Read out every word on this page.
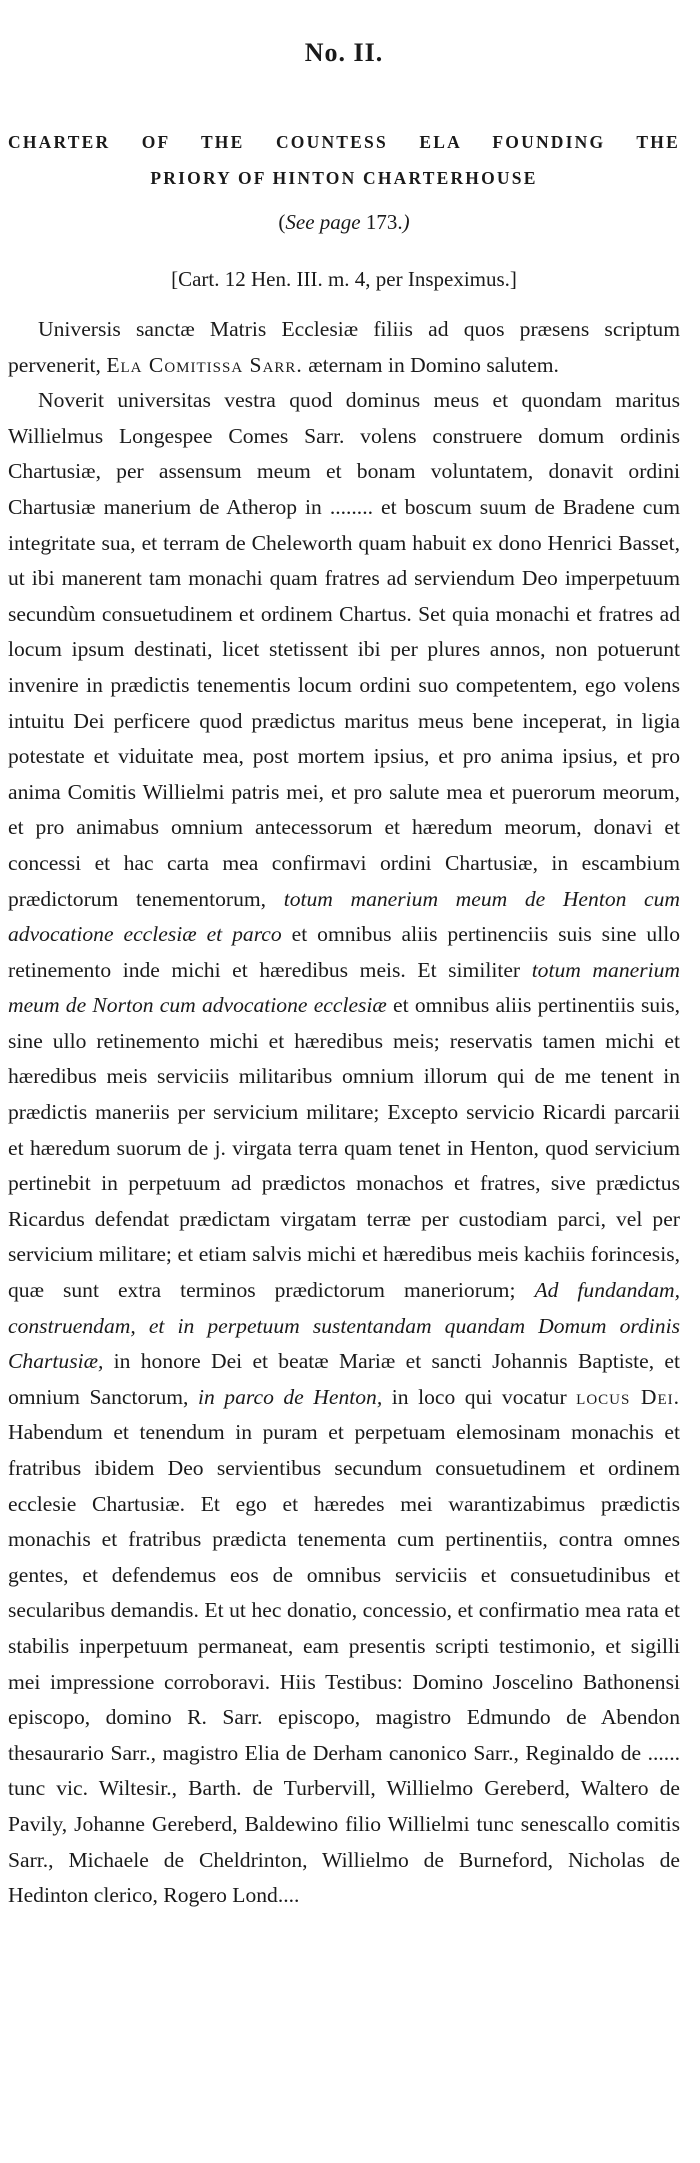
No. II.
CHARTER OF THE COUNTESS ELA FOUNDING THE
PRIORY OF HINTON CHARTERHOUSE
(See page 173.)
[Cart. 12 Hen. III. m. 4, per Inspeximus.]

Universis sanctæ Matris Ecclesiæ filiis ad quos præsens scriptum pervenerit, Ela Comitissa Sarr. æternam in Domino salutem.

Noverit universitas vestra quod dominus meus et quondam maritus Willielmus Longespee Comes Sarr. volens construere domum ordinis Chartusiæ, per assensum meum et bonam voluntatem, donavit ordini Chartusiæ manerium de Atherop in ........ et boscum suum de Bradene cum integritate sua, et terram de Cheleworth quam habuit ex dono Henrici Basset, ut ibi manerent tam monachi quam fratres ad serviendum Deo imperpetuum secundùm consuetudinem et ordinem Chartus. Set quia monachi et fratres ad locum ipsum destinati, licet stetissent ibi per plures annos, non potuerunt invenire in prædictis tenementis locum ordini suo competentem, ego volens intuitu Dei perficere quod prædictus maritus meus bene inceperat, in ligia potestate et viduitate mea, post mortem ipsius, et pro anima ipsius, et pro anima Comitis Willielmi patris mei, et pro salute mea et puerorum meorum, et pro animabus omnium antecessorum et hæredum meorum, donavi et concessi et hac carta mea confirmavi ordini Chartusiæ, in escambium prædictorum tenementorum, totum manerium meum de Henton cum advocatione ecclesiæ et parco et omnibus aliis pertinenciis suis sine ullo retinemento inde michi et hæredibus meis. Et similiter totum manerium meum de Norton cum advocatione ecclesiæ et omnibus aliis pertinentiis suis, sine ullo retinemento michi et hæredibus meis; reservatis tamen michi et hæredibus meis serviciis militaribus omnium illorum qui de me tenent in prædictis maneriis per servicium militare; Excepto servicio Ricardi parcarii et hæredum suorum de j. virgata terra quam tenet in Henton, quod servicium pertinebit in perpetuum ad prædictos monachos et fratres, sive prædictus Ricardus defendat prædictam virgatam terræ per custodiam parci, vel per servicium militare; et etiam salvis michi et hæredibus meis kachiis forincesis, quæ sunt extra terminos prædictorum maneriorum; Ad fundandam, construendam, et in perpetuum sustentandam quandam Domum ordinis Chartusiæ, in honore Dei et beatæ Mariæ et sancti Johannis Baptiste, et omnium Sanctorum, in parco de Henton, in loco qui vocatur locus Dei. Habendum et tenendum in puram et perpetuam elemosinam monachis et fratribus ibidem Deo servientibus secundum consuetudinem et ordinem ecclesie Chartusiæ. Et ego et hæredes mei warantizabimus prædictis monachis et fratribus prædicta tenementa cum pertinentiis, contra omnes gentes, et defendemus eos de omnibus serviciis et consuetudinibus et secularibus demandis. Et ut hec donatio, concessio, et confirmatio mea rata et stabilis inperpetuum permaneat, eam presentis scripti testimonio, et sigilli mei impressione corroboravi. Hiis Testibus: Domino Joscelino Bathonensi episcopo, domino R. Sarr. episcopo, magistro Edmundo de Abendon thesaurario Sarr., magistro Elia de Derham canonico Sarr., Reginaldo de ...... tunc vic. Wiltesir., Barth. de Turbervill, Willielmo Gereberd, Waltero de Pavily, Johanne Gereberd, Baldewino filio Willielmi tunc senescallo comitis Sarr., Michaele de Cheldrinton, Willielmo de Burneford, Nicholas de Hedinton clerico, Rogero Lond....
